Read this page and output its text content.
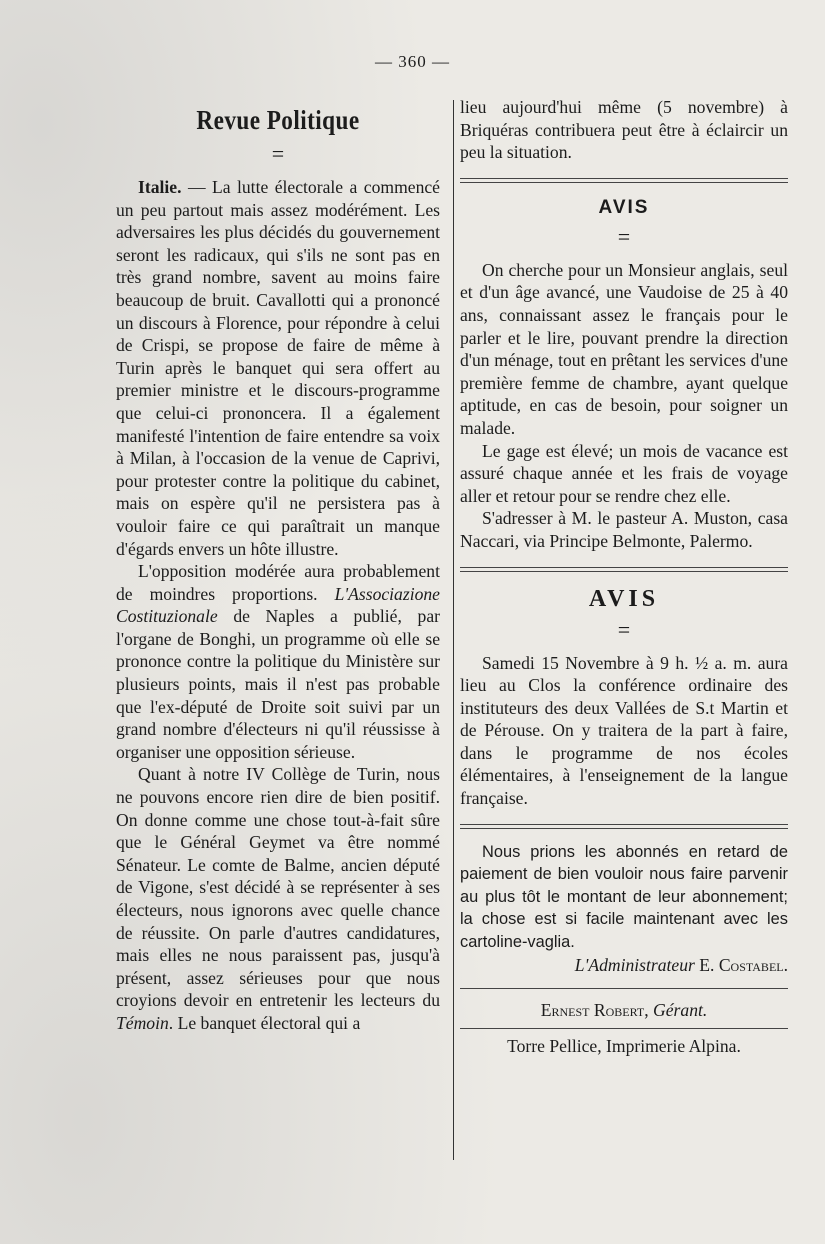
— 360 —
Revue Politique
=

Italie. — La lutte électorale a commencé un peu partout mais assez modérément. Les adversaires les plus décidés du gouvernement seront les radicaux, qui s'ils ne sont pas en très grand nombre, savent au moins faire beaucoup de bruit. Cavallotti qui a prononcé un discours à Florence, pour répondre à celui de Crispi, se propose de faire de même à Turin après le banquet qui sera offert au premier ministre et le discours-programme que celui-ci prononcera. Il a également manifesté l'intention de faire entendre sa voix à Milan, à l'occasion de la venue de Caprivi, pour protester contre la politique du cabinet, mais on espère qu'il ne persistera pas à vouloir faire ce qui paraîtrait un manque d'égards envers un hôte illustre.

L'opposition modérée aura probablement de moindres proportions. L'Associazione Costituzionale de Naples a publié, par l'organe de Bonghi, un programme où elle se prononce contre la politique du Ministère sur plusieurs points, mais il n'est pas probable que l'ex-député de Droite soit suivi par un grand nombre d'électeurs ni qu'il réussisse à organiser une opposition sérieuse.

Quant à notre IV Collège de Turin, nous ne pouvons encore rien dire de bien positif. On donne comme une chose tout-à-fait sûre que le Général Geymet va être nommé Sénateur. Le comte de Balme, ancien député de Vigone, s'est décidé à se représenter à ses électeurs, nous ignorons avec quelle chance de réussite. On parle d'autres candidatures, mais elles ne nous paraissent pas, jusqu'à présent, assez sérieuses pour que nous croyions devoir en entretenir les lecteurs du Témoin. Le banquet électoral qui a

lieu aujourd'hui même (5 novembre) à Briquéras contribuera peut être à éclaircir un peu la situation.

AVIS
=

On cherche pour un Monsieur anglais, seul et d'un âge avancé, une Vaudoise de 25 à 40 ans, connaissant assez le français pour le parler et le lire, pouvant prendre la direction d'un ménage, tout en prêtant les services d'une première femme de chambre, ayant quelque aptitude, en cas de besoin, pour soigner un malade.

Le gage est élevé; un mois de vacance est assuré chaque année et les frais de voyage aller et retour pour se rendre chez elle.

S'adresser à M. le pasteur A. Muston, casa Naccari, via Principe Belmonte, Palermo.

AVIS
=

Samedi 15 Novembre à 9 h. ½ a. m. aura lieu au Clos la conférence ordinaire des instituteurs des deux Vallées de S.t Martin et de Pérouse. On y traitera de la part à faire, dans le programme de nos écoles élémentaires, à l'enseignement de la langue française.

Nous prions les abonnés en retard de paiement de bien vouloir nous faire parvenir au plus tôt le montant de leur abonnement; la chose est si facile maintenant avec les cartoline-vaglia.

L'Administrateur E. Costabel.

Ernest Robert, Gérant.

Torre Pellice, Imprimerie Alpina.
